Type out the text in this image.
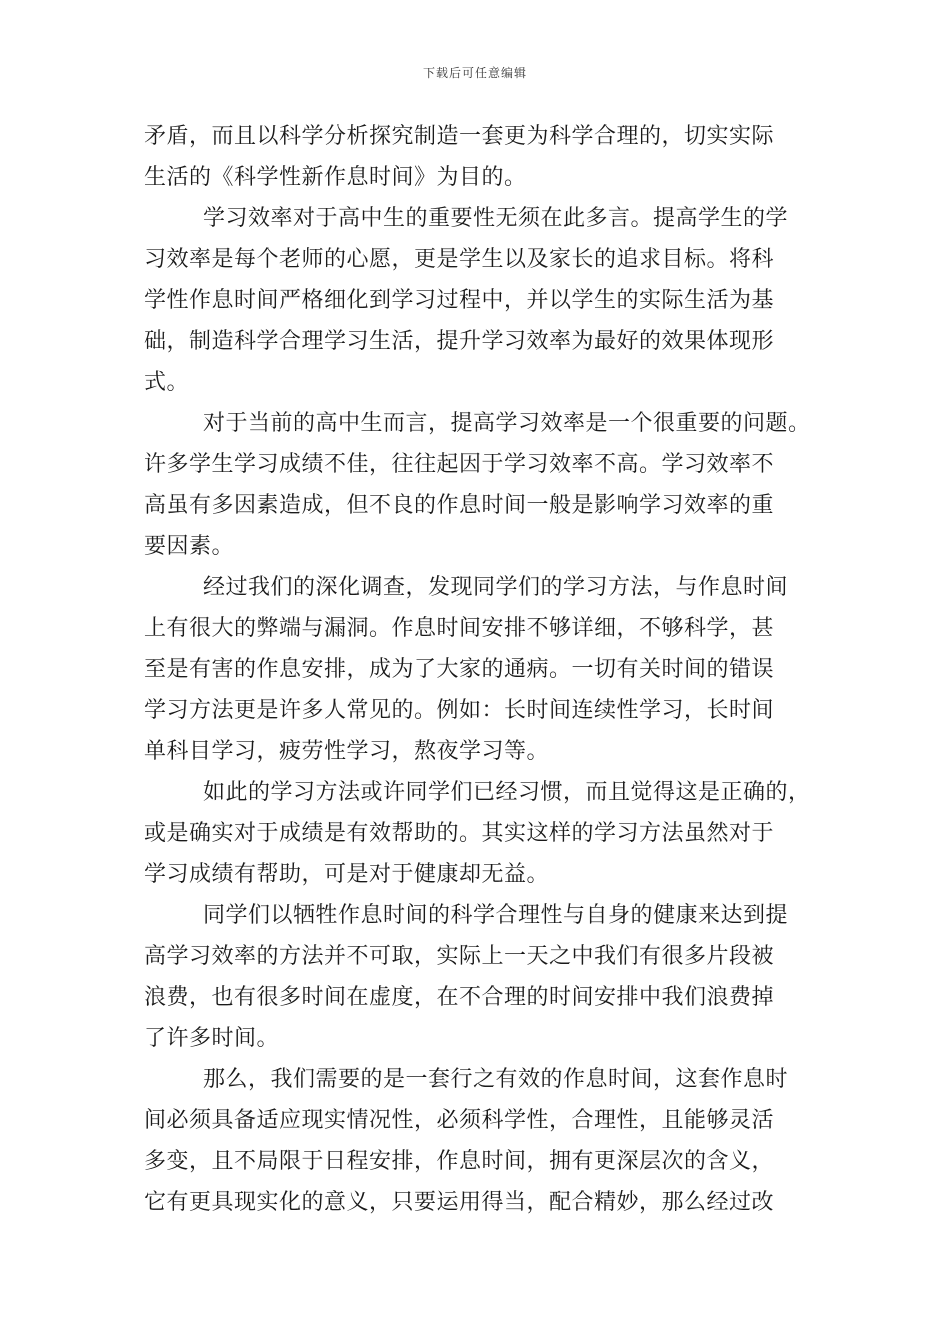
下载后可任意编辑
矛盾，而且以科学分析探究制造一套更为科学合理的，切实实际
生活的《科学性新作息时间》为目的。
学习效率对于高中生的重要性无须在此多言。提高学生的学
习效率是每个老师的心愿，更是学生以及家长的追求目标。将科
学性作息时间严格细化到学习过程中，并以学生的实际生活为基
础，制造科学合理学习生活，提升学习效率为最好的效果体现形
式。
对于当前的高中生而言，提高学习效率是一个很重要的问题。
许多学生学习成绩不佳，往往起因于学习效率不高。学习效率不
高虽有多因素造成，但不良的作息时间一般是影响学习效率的重
要因素。
经过我们的深化调查，发现同学们的学习方法，与作息时间
上有很大的弊端与漏洞。作息时间安排不够详细，不够科学，甚
至是有害的作息安排，成为了大家的通病。一切有关时间的错误
学习方法更是许多人常见的。例如：长时间连续性学习，长时间
单科目学习，疲劳性学习，熬夜学习等。
如此的学习方法或许同学们已经习惯，而且觉得这是正确的，
或是确实对于成绩是有效帮助的。其实这样的学习方法虽然对于
学习成绩有帮助，可是对于健康却无益。
同学们以牺牲作息时间的科学合理性与自身的健康来达到提
高学习效率的方法并不可取，实际上一天之中我们有很多片段被
浪费，也有很多时间在虚度，在不合理的时间安排中我们浪费掉
了许多时间。
那么，我们需要的是一套行之有效的作息时间，这套作息时
间必须具备适应现实情况性，必须科学性，合理性，且能够灵活
多变，且不局限于日程安排，作息时间，拥有更深层次的含义，
它有更具现实化的意义，只要运用得当，配合精妙，那么经过改
